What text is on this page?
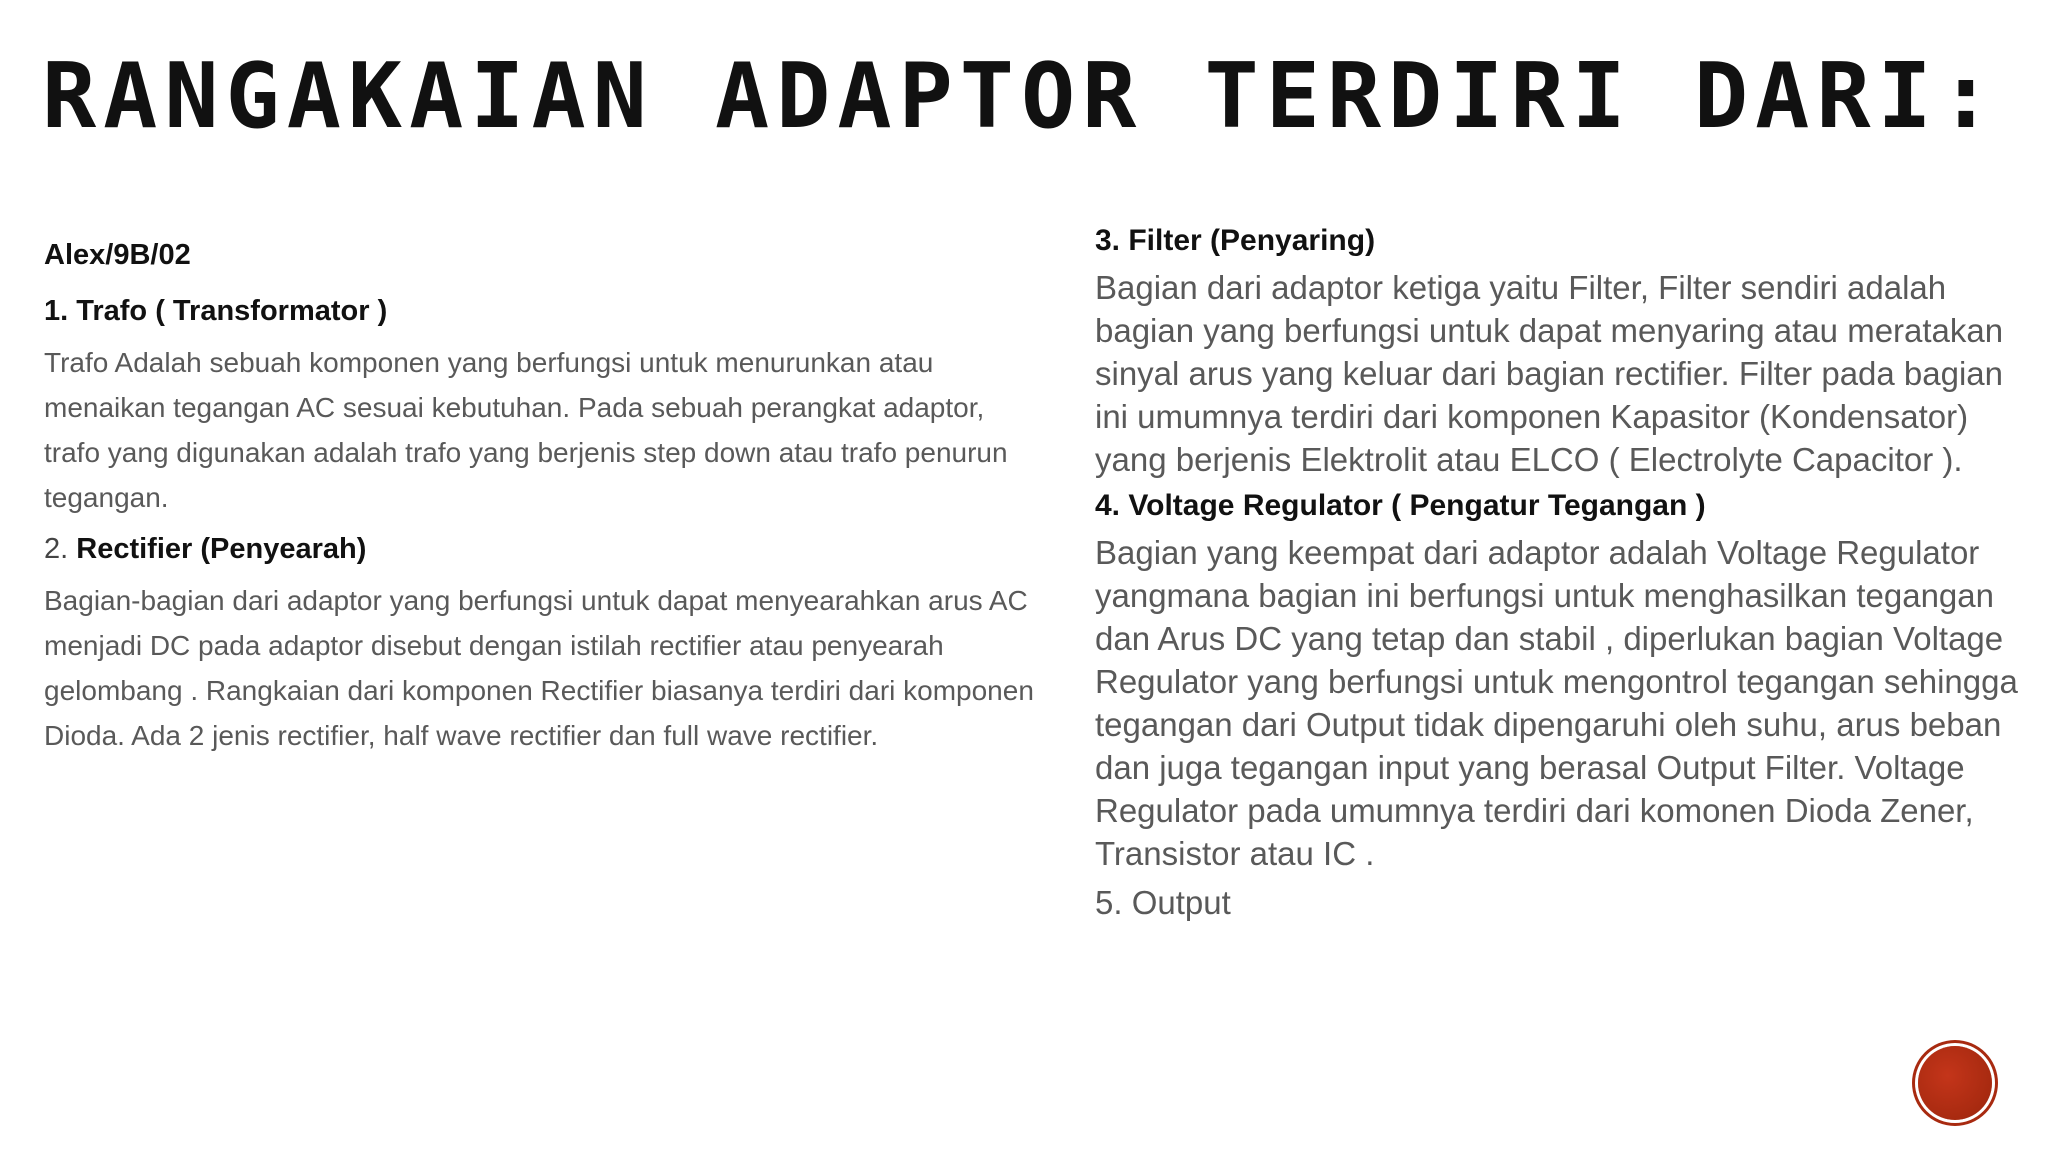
RANGAKAIAN ADAPTOR TERDIRI DARI:

Alex/9B/02

1. Trafo ( Transformator )

Trafo Adalah sebuah komponen yang berfungsi untuk menurunkan atau menaikan tegangan AC sesuai kebutuhan. Pada sebuah perangkat adaptor, trafo yang digunakan adalah trafo yang berjenis step down atau trafo penurun tegangan.

2. Rectifier (Penyearah)

Bagian-bagian dari adaptor yang berfungsi untuk dapat menyearahkan arus AC menjadi DC pada adaptor disebut dengan istilah rectifier atau penyearah gelombang . Rangkaian dari komponen Rectifier biasanya terdiri dari komponen Dioda. Ada 2 jenis rectifier, half wave rectifier dan full wave rectifier.

3. Filter (Penyaring)

Bagian dari adaptor ketiga yaitu Filter, Filter sendiri adalah bagian yang berfungsi untuk dapat menyaring atau meratakan sinyal arus yang keluar dari bagian rectifier. Filter pada bagian ini umumnya terdiri dari komponen Kapasitor (Kondensator) yang berjenis Elektrolit atau ELCO ( Electrolyte Capacitor ).

4. Voltage Regulator ( Pengatur Tegangan )

Bagian yang keempat dari adaptor adalah Voltage Regulator yangmana bagian ini berfungsi untuk menghasilkan tegangan dan Arus DC yang tetap dan stabil , diperlukan bagian Voltage Regulator yang berfungsi untuk mengontrol tegangan sehingga tegangan dari Output tidak dipengaruhi oleh suhu, arus beban dan juga tegangan input yang berasal Output Filter. Voltage Regulator pada umumnya terdiri dari komonen Dioda Zener, Transistor atau IC .

5. Output
